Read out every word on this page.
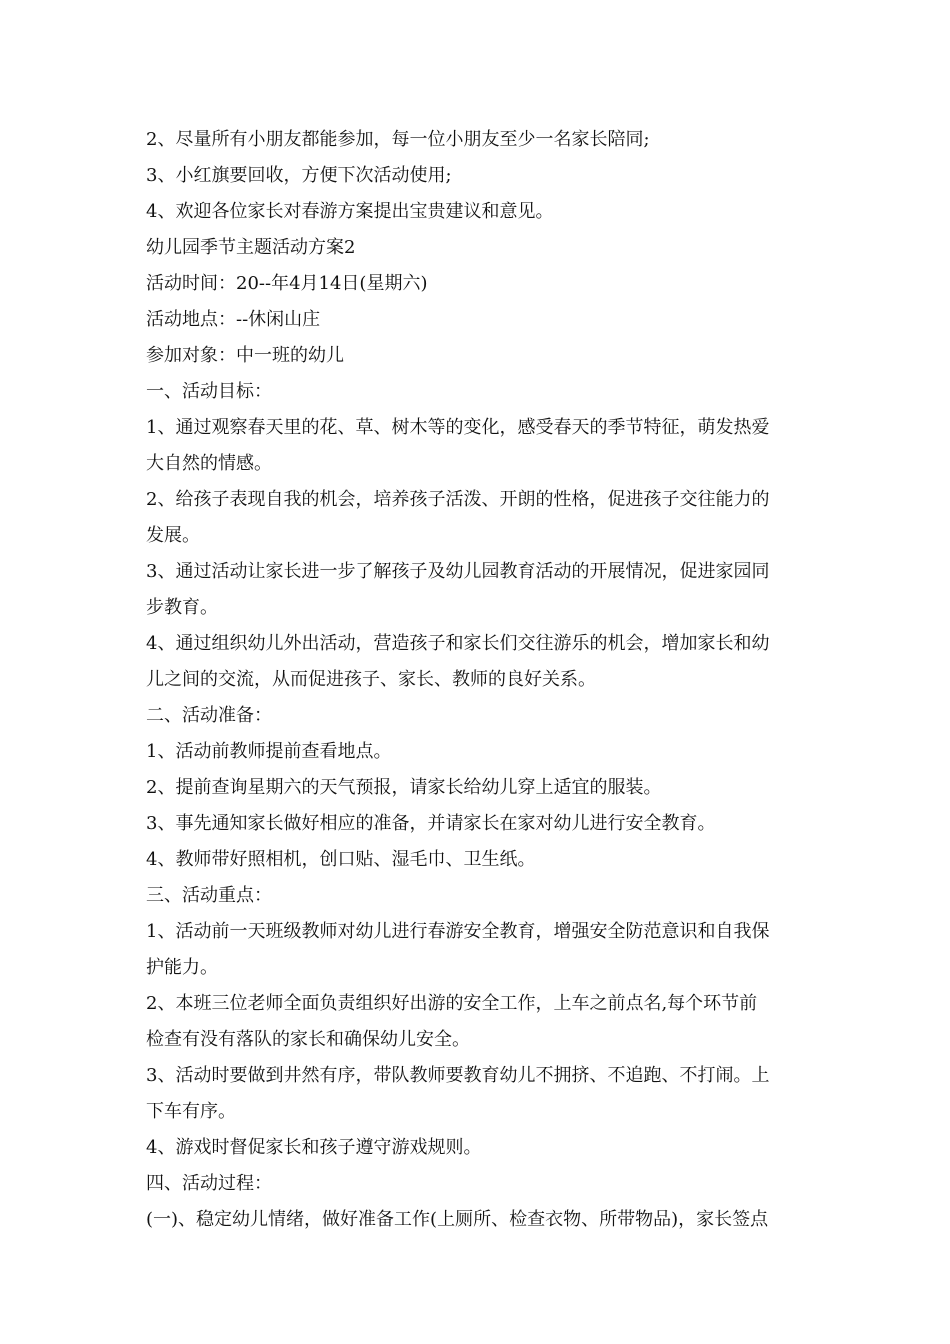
2、尽量所有小朋友都能参加，每一位小朋友至少一名家长陪同;
3、小红旗要回收，方便下次活动使用;
4、欢迎各位家长对春游方案提出宝贵建议和意见。
幼儿园季节主题活动方案2
活动时间：20--年4月14日(星期六)
活动地点：--休闲山庄
参加对象：中一班的幼儿
一、活动目标：
1、通过观察春天里的花、草、树木等的变化，感受春天的季节特征，萌发热爱
大自然的情感。
2、给孩子表现自我的机会，培养孩子活泼、开朗的性格，促进孩子交往能力的
发展。
3、通过活动让家长进一步了解孩子及幼儿园教育活动的开展情况，促进家园同
步教育。
4、通过组织幼儿外出活动，营造孩子和家长们交往游乐的机会，增加家长和幼
儿之间的交流，从而促进孩子、家长、教师的良好关系。
二、活动准备：
1、活动前教师提前查看地点。
2、提前查询星期六的天气预报，请家长给幼儿穿上适宜的服装。
3、事先通知家长做好相应的准备，并请家长在家对幼儿进行安全教育。
4、教师带好照相机，创口贴、湿毛巾、卫生纸。
三、活动重点：
1、活动前一天班级教师对幼儿进行春游安全教育，增强安全防范意识和自我保
护能力。
2、本班三位老师全面负责组织好出游的安全工作，上车之前点名,每个环节前
检查有没有落队的家长和确保幼儿安全。
3、活动时要做到井然有序，带队教师要教育幼儿不拥挤、不追跑、不打闹。上
下车有序。
4、游戏时督促家长和孩子遵守游戏规则。
四、活动过程：
(一)、稳定幼儿情绪，做好准备工作(上厕所、检查衣物、所带物品)，家长签点
